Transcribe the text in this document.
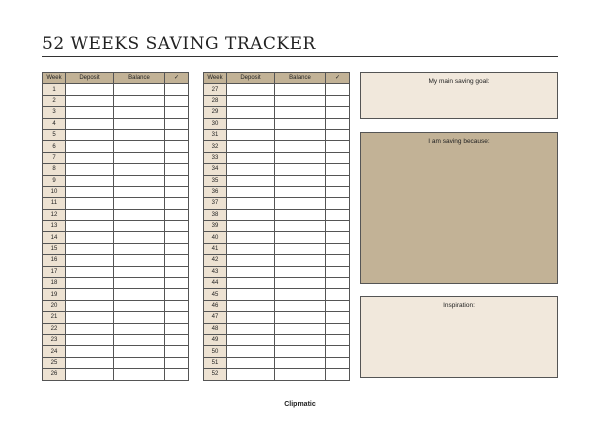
52 WEEKS SAVING TRACKER
Week	Deposit	Balance	✓
1			
2			
3			
4			
5			
6			
7			
8			
9			
10			
11			
12			
13			
14			
15			
16			
17			
18			
19			
20			
21			
22			
23			
24			
25			
26			
Week	Deposit	Balance	✓
27			
28			
29			
30			
31			
32			
33			
34			
35			
36			
37			
38			
39			
40			
41			
42			
43			
44			
45			
46			
47			
48			
49			
50			
51			
52			
My main saving goal:
I am saving because:
Inspiration:
Clipmatic
